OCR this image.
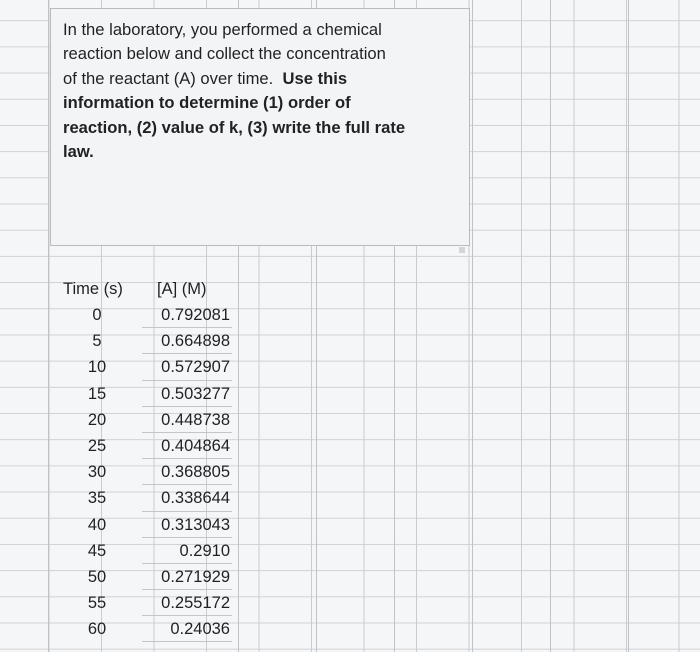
In the laboratory, you performed a chemical
reaction below and collect the concentration
of the reactant (A) over time. Use this
information to determine (1) order of
reaction, (2) value of k, (3) write the full rate
law.
Time (s) [A] (M)
0	0.792081
5	0.664898
10	0.572907
15	0.503277
20	0.448738
25	0.404864
30	0.368805
35	0.338644
40	0.313043
45	0.2910
50	0.271929
55	0.255172
60	0.24036
